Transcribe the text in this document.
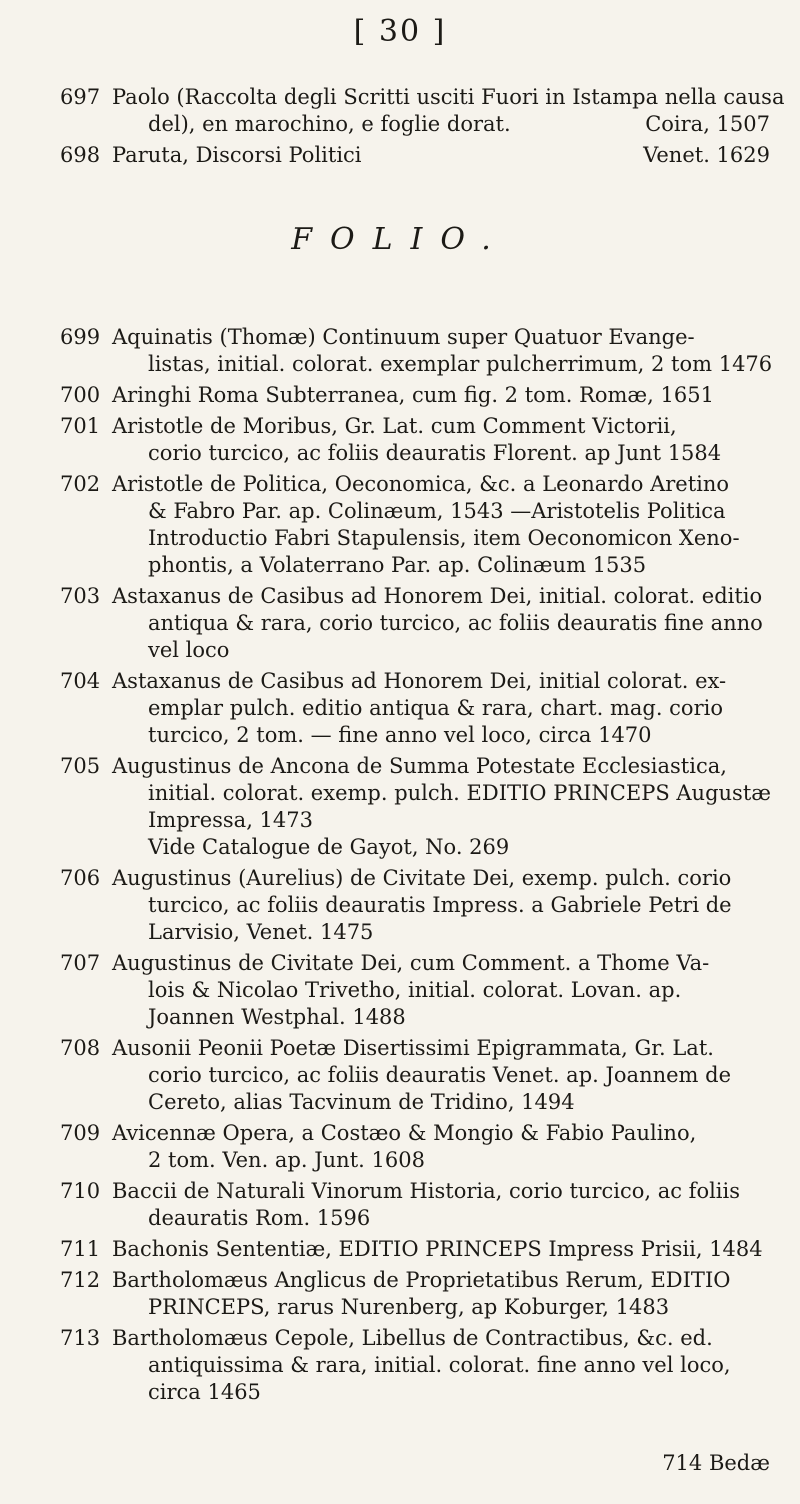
[ 30 ]
697 Paolo (Raccolta degli Scritti usciti Fuori in Istampa nella causa
del), en marochino, e foglie dorat.	Coira, 1507
698 Paruta, Discorsi Politici	Venet. 1629
FOLIO.
699 Aquinatis (Thomæ) Continuum super Quatuor Evange-
listas, initial. colorat. exemplar pulcherrimum, 2 tom 1476
700 Aringhi Roma Subterranea, cum fig. 2 tom. Romæ, 1651
701 Aristotle de Moribus, Gr. Lat. cum Comment Victorii,
corio turcico, ac foliis deauratis Florent. ap Junt 1584
702 Aristotle de Politica, Oeconomica, &c. a Leonardo Aretino
& Fabro Par. ap. Colinæum, 1543 —Aristotelis Politica
Introductio Fabri Stapulensis, item Oeconomicon Xeno-
phontis, a Volaterrano Par. ap. Colinæum 1535
703 Astaxanus de Casibus ad Honorem Dei, initial. colorat. editio
antiqua & rara, corio turcico, ac foliis deauratis fine anno
vel loco
704 Astaxanus de Casibus ad Honorem Dei, initial colorat. ex-
emplar pulch. editio antiqua & rara, chart. mag. corio
turcico, 2 tom. — fine anno vel loco, circa 1470
705 Augustinus de Ancona de Summa Potestate Ecclesiastica,
initial. colorat. exemp. pulch. EDITIO PRINCEPS Augustæ
Impressa, 1473
Vide Catalogue de Gayot, No. 269
706 Augustinus (Aurelius) de Civitate Dei, exemp. pulch. corio
turcico, ac foliis deauratis Impress. a Gabriele Petri de
Larvisio, Venet. 1475
707 Augustinus de Civitate Dei, cum Comment. a Thome Va-
lois & Nicolao Trivetho, initial. colorat. Lovan. ap.
Joannen Westphal. 1488
708 Ausonii Peonii Poetæ Disertissimi Epigrammata, Gr. Lat.
corio turcico, ac foliis deauratis Venet. ap. Joannem de
Cereto, alias Tacvinum de Tridino, 1494
709 Avicennæ Opera, a Costæo & Mongio & Fabio Paulino,
2 tom. Ven. ap. Junt. 1608
710 Baccii de Naturali Vinorum Historia, corio turcico, ac foliis
deauratis Rom. 1596
711 Bachonis Sententiæ, EDITIO PRINCEPS Impress Prisii, 1484
712 Bartholomæus Anglicus de Proprietatibus Rerum, EDITIO
PRINCEPS, rarus Nurenberg, ap Koburger, 1483
713 Bartholomæus Cepole, Libellus de Contractibus, &c. ed.
antiquissima & rara, initial. colorat. fine anno vel loco,
circa 1465
714 Bedæ
